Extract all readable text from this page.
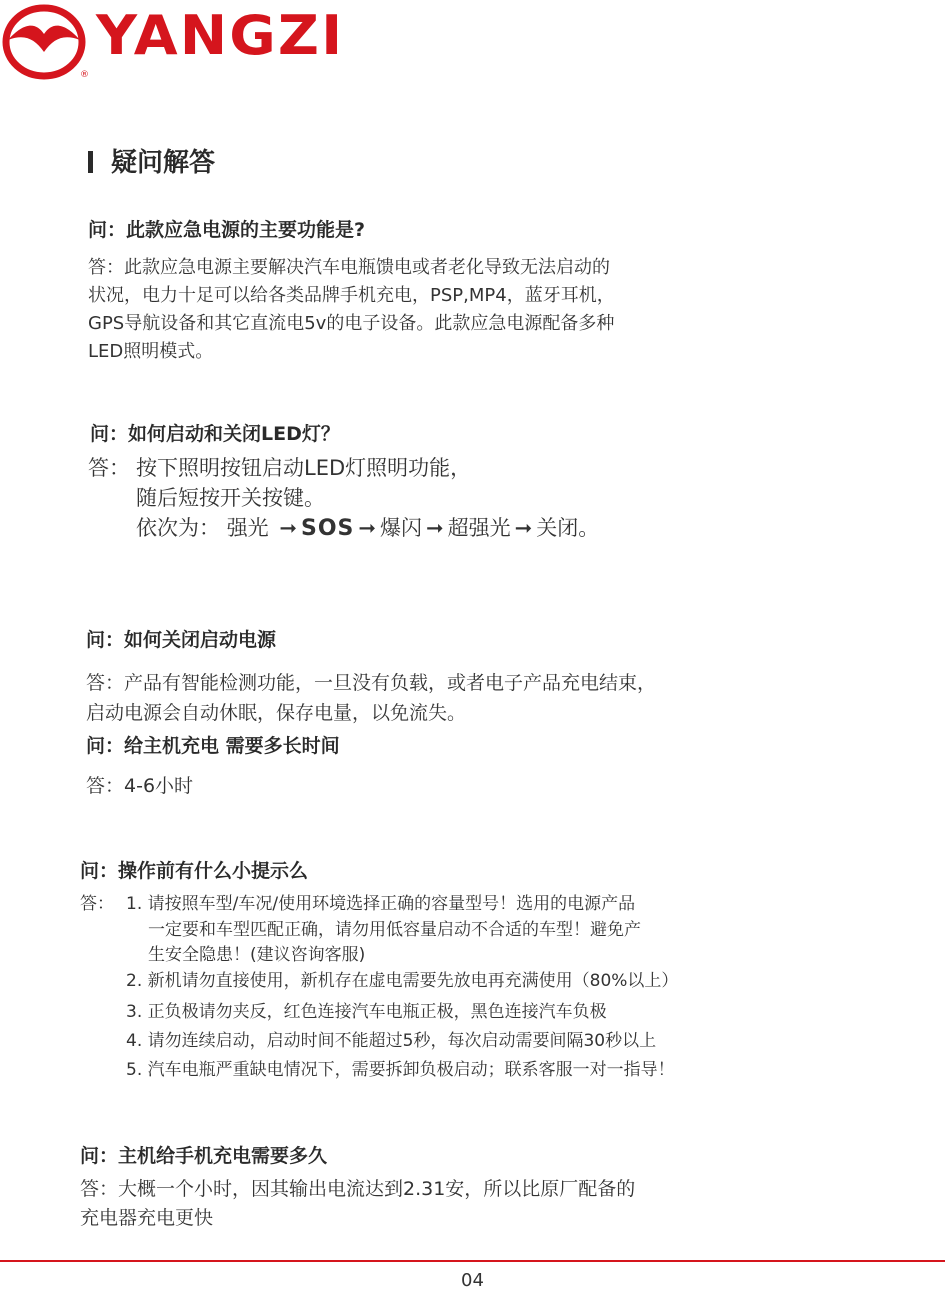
YANGZI
®
疑问解答
问：此款应急电源的主要功能是?
答：此款应急电源主要解决汽车电瓶馈电或者老化导致无法启动的
状况，电力十足可以给各类品牌手机充电，PSP,MP4，蓝牙耳机，
GPS导航设备和其它直流电5v的电子设备。此款应急电源配备多种
LED照明模式。
问：如何启动和关闭LED灯？
答： 按下照明按钮启动LED灯照明功能，
随后短按开关按键。
依次为： 强光 ➞ SOS ➞ 爆闪 ➞ 超强光 ➞ 关闭。
问：如何关闭启动电源
答：产品有智能检测功能，一旦没有负载，或者电子产品充电结束，
启动电源会自动休眠，保存电量，以免流失。
问：给主机充电 需要多长时间
答：4-6小时
问：操作前有什么小提示么
答： 1. 请按照车型/车况/使用环境选择正确的容量型号！选用的电源产品
一定要和车型匹配正确，请勿用低容量启动不合适的车型！避免产
生安全隐患！(建议咨询客服)
2. 新机请勿直接使用，新机存在虚电需要先放电再充满使用（80%以上）
3. 正负极请勿夹反，红色连接汽车电瓶正极，黑色连接汽车负极
4. 请勿连续启动，启动时间不能超过5秒，每次启动需要间隔30秒以上
5. 汽车电瓶严重缺电情况下，需要拆卸负极启动；联系客服一对一指导！
问：主机给手机充电需要多久
答：大概一个小时，因其输出电流达到2.31安，所以比原厂配备的
充电器充电更快
04
